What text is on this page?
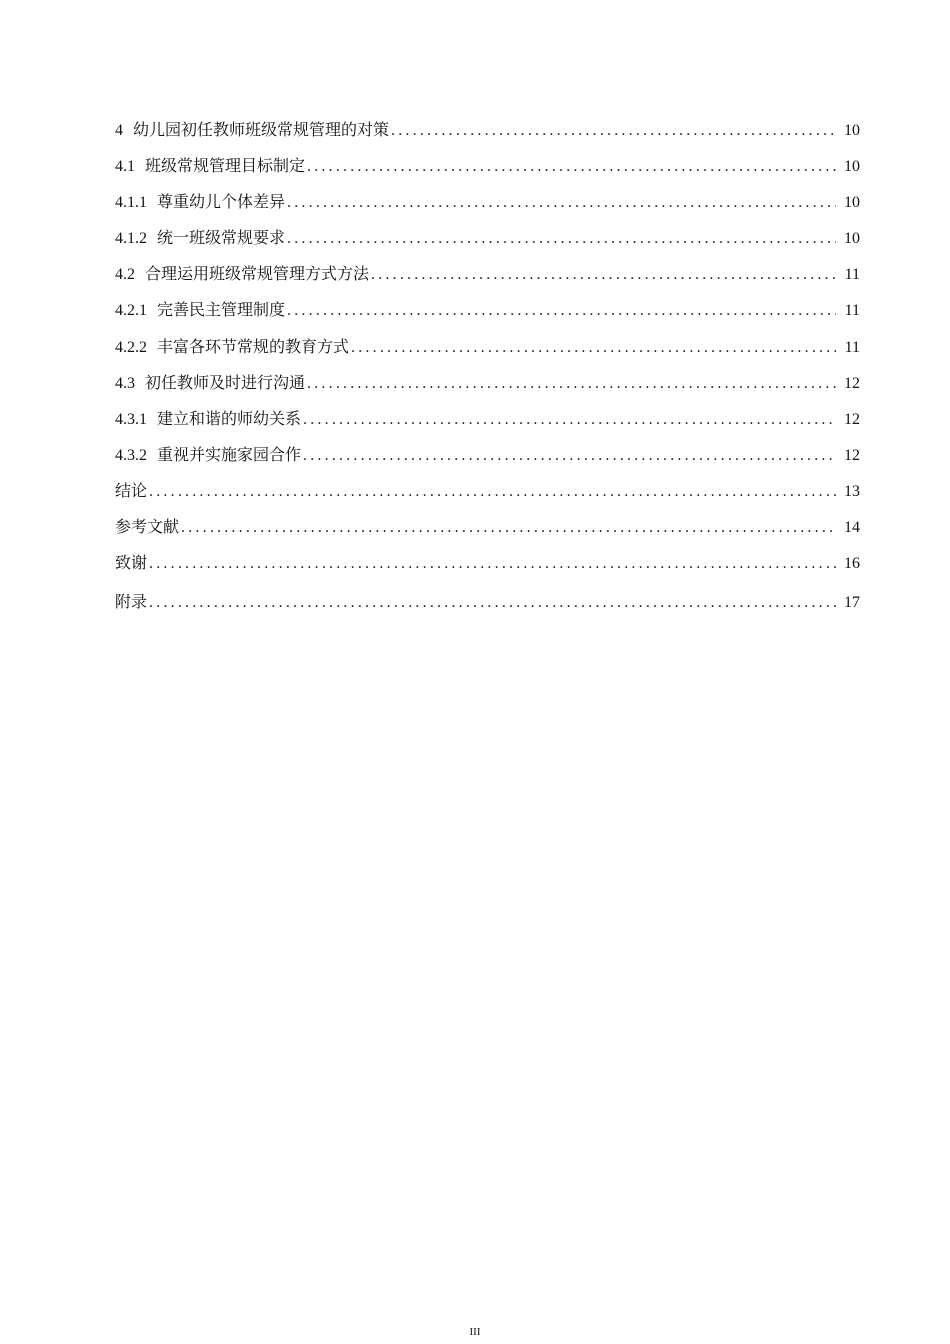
4 幼儿园初任教师班级常规管理的对策 .....	10
4.1 班级常规管理目标制定 .....	10
4.1.1 尊重幼儿个体差异 .....	10
4.1.2 统一班级常规要求 .....	10
4.2 合理运用班级常规管理方式方法 .....	11
4.2.1 完善民主管理制度 .....	11
4.2.2 丰富各环节常规的教育方式 .....	11
4.3 初任教师及时进行沟通 .....	12
4.3.1 建立和谐的师幼关系 .....	12
4.3.2 重视并实施家园合作 .....	12
结论 .....	13
参考文献 .....	14
致谢 .....	16
附录 .....	17
III
